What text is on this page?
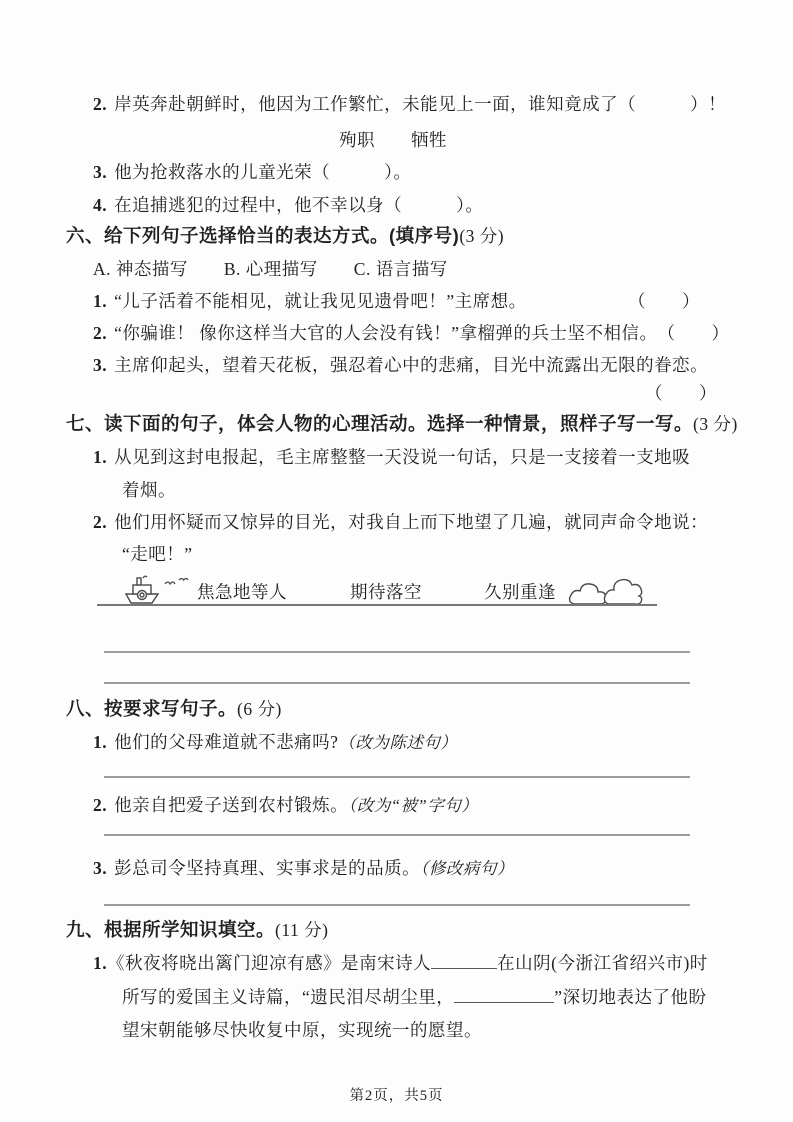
2. 岸英奔赴朝鲜时，他因为工作繁忙，未能见上一面，谁知竟成了（　　　）！
殉职　　牺牲
3. 他为抢救落水的儿童光荣（　　　）。
4. 在追捕逃犯的过程中，他不幸以身（　　　）。
六、给下列句子选择恰当的表达方式。(填序号)(3 分)
A. 神态描写　　B. 心理描写　　C. 语言描写
1. “儿子活着不能相见，就让我见见遗骨吧！”主席想。	（　　）
2. “你骗谁！ 像你这样当大官的人会没有钱！”拿榴弹的兵士坚不相信。 （　　）
3. 主席仰起头，望着天花板，强忍着心中的悲痛，目光中流露出无限的眷恋。
（　　）
七、读下面的句子，体会人物的心理活动。选择一种情景，照样子写一写。(3 分)
1. 从见到这封电报起，毛主席整整一天没说一句话，只是一支接着一支地吸
着烟。
2. 他们用怀疑而又惊异的目光，对我自上而下地望了几遍，就同声命令地说：
“走吧！”
焦急地等人	期待落空	久别重逢
八、按要求写句子。(6 分)
1. 他们的父母难道就不悲痛吗?（改为陈述句）
2. 他亲自把爱子送到农村锻炼。（改为“被”字句）
3. 彭总司令坚持真理、实事求是的品质。（修改病句）
九、根据所学知识填空。(11 分)
1.《秋夜将晓出篱门迎凉有感》是南宋诗人	在山阴(今浙江省绍兴市)时
所写的爱国主义诗篇，“遗民泪尽胡尘里，	”深切地表达了他盼
望宋朝能够尽快收复中原，实现统一的愿望。
第2页，共5页
